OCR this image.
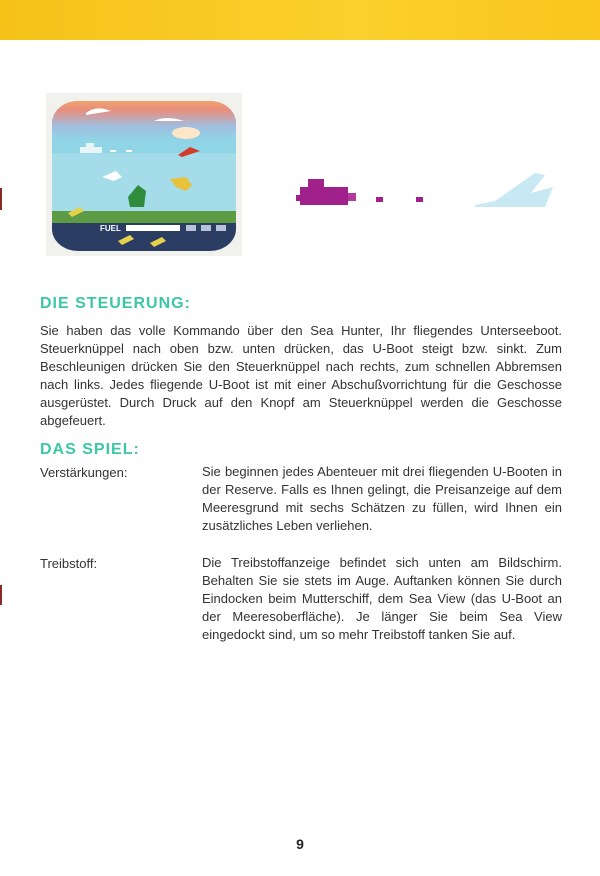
FUEL
DIE STEUERUNG:

Sie haben das volle Kommando über den Sea Hunter, Ihr fliegendes Unterseeboot. Steuerknüppel nach oben bzw. unten drücken, das U-Boot steigt bzw. sinkt. Zum Beschleunigen drücken Sie den Steuerknüppel nach rechts, zum schnellen Abbremsen nach links. Jedes fliegende U-Boot ist mit einer Abschußvorrichtung für die Geschosse ausgerüstet. Durch Druck auf den Knopf am Steuerknüppel werden die Geschosse abgefeuert.

DAS SPIEL:

Verstärkungen:	Sie beginnen jedes Abenteuer mit drei fliegenden U-Booten in der Reserve. Falls es Ihnen gelingt, die Preisanzeige auf dem Meeresgrund mit sechs Schätzen zu füllen, wird Ihnen ein zusätzliches Leben verliehen.

Treibstoff:	Die Treibstoffanzeige befindet sich unten am Bildschirm. Behalten Sie sie stets im Auge. Auftanken können Sie durch Eindocken beim Mutterschiff, dem Sea View (das U-Boot an der Meeresoberfläche). Je länger Sie beim Sea View eingedockt sind, um so mehr Treibstoff tanken Sie auf.

9
